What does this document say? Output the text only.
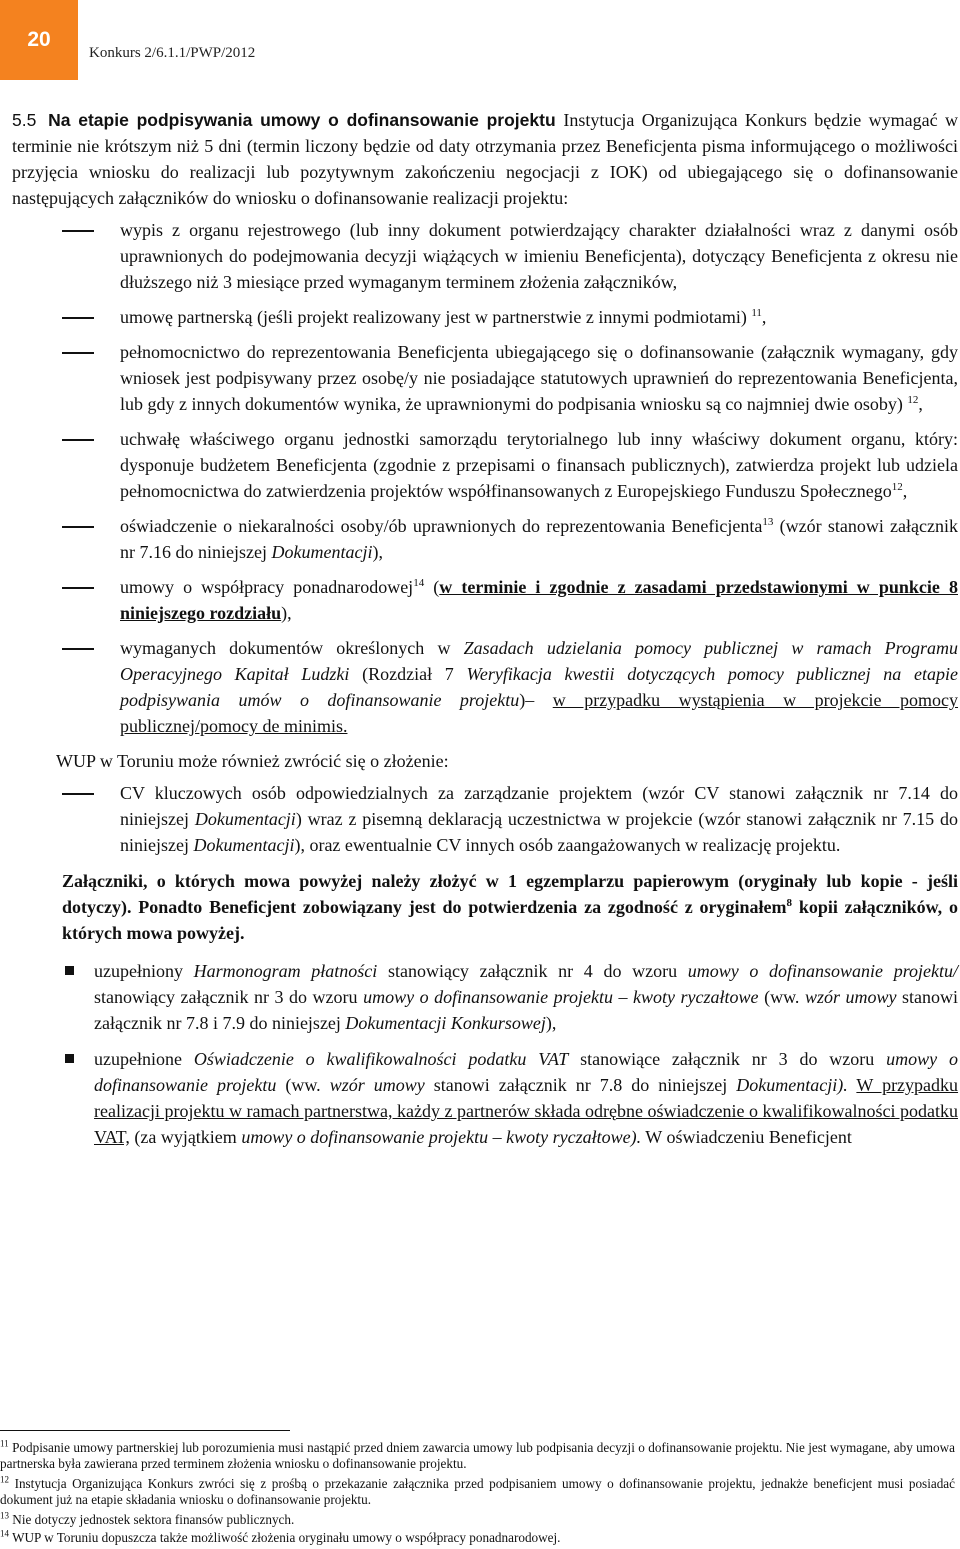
20
Konkurs 2/6.1.1/PWP/2012

5.5 Na etapie podpisywania umowy o dofinansowanie projektu Instytucja Organizująca Konkurs będzie wymagać w terminie nie krótszym niż 5 dni (termin liczony będzie od daty otrzymania przez Beneficjenta pisma informującego o możliwości przyjęcia wniosku do realizacji lub pozytywnym zakończeniu negocjacji z IOK) od ubiegającego się o dofinansowanie następujących załączników do wniosku o dofinansowanie realizacji projektu:

wypis z organu rejestrowego (lub inny dokument potwierdzający charakter działalności wraz z danymi osób uprawnionych do podejmowania decyzji wiążących w imieniu Beneficjenta), dotyczący Beneficjenta z okresu nie dłuższego niż 3 miesiące przed wymaganym terminem złożenia załączników,
umowę partnerską (jeśli projekt realizowany jest w partnerstwie z innymi podmiotami) $^{11}$,
pełnomocnictwo do reprezentowania Beneficjenta ubiegającego się o dofinansowanie (załącznik wymagany, gdy wniosek jest podpisywany przez osobę/y nie posiadające statutowych uprawnień do reprezentowania Beneficjenta, lub gdy z innych dokumentów wynika, że uprawnionymi do podpisania wniosku są co najmniej dwie osoby) $^{12}$,
uchwałę właściwego organu jednostki samorządu terytorialnego lub inny właściwy dokument organu, który: dysponuje budżetem Beneficjenta (zgodnie z przepisami o finansach publicznych), zatwierdza projekt lub udziela pełnomocnictwa do zatwierdzenia projektów współfinansowanych z Europejskiego Funduszu Społecznego$^{12}$,
oświadczenie o niekaralności osoby/ób uprawnionych do reprezentowania Beneficjenta$^{13}$ (wzór stanowi załącznik nr 7.16 do niniejszej Dokumentacji),
umowy o współpracy ponadnarodowej$^{14}$ (w terminie i zgodnie z zasadami przedstawionymi w punkcie 8 niniejszego rozdziału),
wymaganych dokumentów określonych w Zasadach udzielania pomocy publicznej w ramach Programu Operacyjnego Kapitał Ludzki (Rozdział 7 Weryfikacja kwestii dotyczących pomocy publicznej na etapie podpisywania umów o dofinansowanie projektu)– w przypadku wystąpienia w projekcie pomocy publicznej/pomocy de minimis.

WUP w Toruniu może również zwrócić się o złożenie:

CV kluczowych osób odpowiedzialnych za zarządzanie projektem (wzór CV stanowi załącznik nr 7.14 do niniejszej Dokumentacji) wraz z pisemną deklaracją uczestnictwa w projekcie (wzór stanowi załącznik nr 7.15 do niniejszej Dokumentacji), oraz ewentualnie CV innych osób zaangażowanych w realizację projektu.

Załączniki, o których mowa powyżej należy złożyć w 1 egzemplarzu papierowym (oryginały lub kopie - jeśli dotyczy). Ponadto Beneficjent zobowiązany jest do potwierdzenia za zgodność z oryginałem$^8$ kopii załączników, o których mowa powyżej.

uzupełniony Harmonogram płatności stanowiący załącznik nr 4 do wzoru umowy o dofinansowanie projektu/ stanowiący załącznik nr 3 do wzoru umowy o dofinansowanie projektu – kwoty ryczałtowe (ww. wzór umowy stanowi załącznik nr 7.8 i 7.9 do niniejszej Dokumentacji Konkursowej),
uzupełnione Oświadczenie o kwalifikowalności podatku VAT stanowiące załącznik nr 3 do wzoru umowy o dofinansowanie projektu (ww. wzór umowy stanowi załącznik nr 7.8 do niniejszej Dokumentacji). W przypadku realizacji projektu w ramach partnerstwa, każdy z partnerów składa odrębne oświadczenie o kwalifikowalności podatku VAT, (za wyjątkiem umowy o dofinansowanie projektu – kwoty ryczałtowe). W oświadczeniu Beneficjent
$^{11}$ Podpisanie umowy partnerskiej lub porozumienia musi nastąpić przed dniem zawarcia umowy lub podpisania decyzji o dofinansowanie projektu. Nie jest wymagane, aby umowa partnerska była zawierana przed terminem złożenia wniosku o dofinansowanie projektu.
$^{12}$ Instytucja Organizująca Konkurs zwróci się z prośbą o przekazanie załącznika przed podpisaniem umowy o dofinansowanie projektu, jednakże beneficjent musi posiadać dokument już na etapie składania wniosku o dofinansowanie projektu.
$^{13}$ Nie dotyczy jednostek sektora finansów publicznych.
$^{14}$ WUP w Toruniu dopuszcza także możliwość złożenia oryginału umowy o współpracy ponadnarodowej.
